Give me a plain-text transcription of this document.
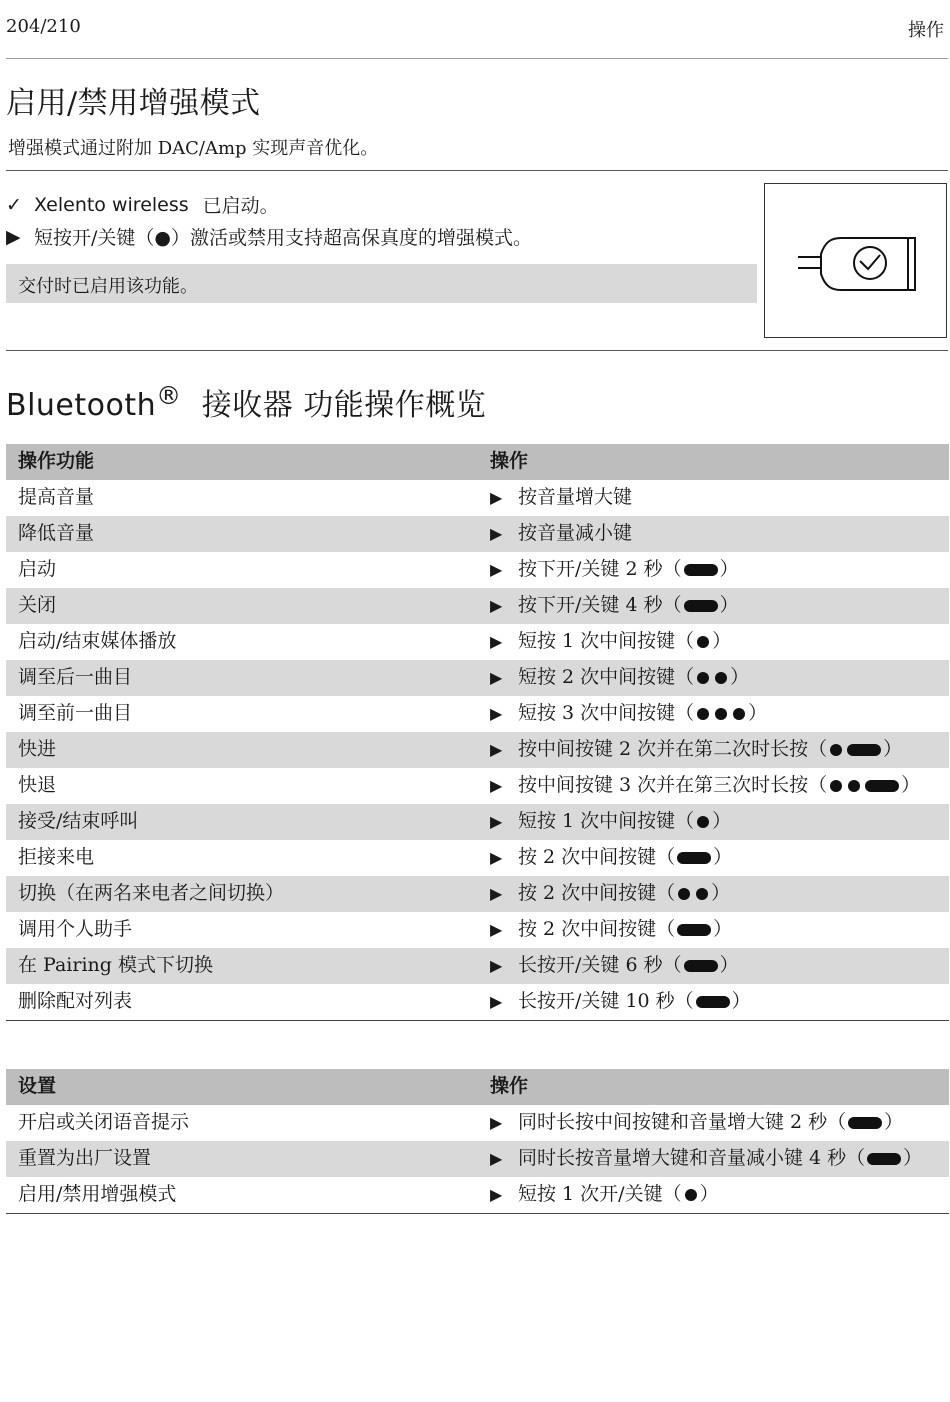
204/210	操作
启用/禁用增强模式
增强模式通过附加 DAC/Amp 实现声音优化。
✓ Xelento wireless 已启动。
▶ 短按开/关键（●）激活或禁用支持超高保真度的增强模式。
交付时已启用该功能。
Bluetooth® 接收器 功能操作概览
操作功能	操作
提高音量	▶ 按音量增大键
降低音量	▶ 按音量减小键
启动	▶ 按下开/关键 2 秒（ ）
关闭	▶ 按下开/关键 4 秒（ ）
启动/结束媒体播放	▶ 短按 1 次中间按键（ ）
调至后一曲目	▶ 短按 2 次中间按键（ ）
调至前一曲目	▶ 短按 3 次中间按键（ ）
快进	▶ 按中间按键 2 次并在第二次时长按（ ）
快退	▶ 按中间按键 3 次并在第三次时长按（ ）
接受/结束呼叫	▶ 短按 1 次中间按键（ ）
拒接来电	▶ 按 2 次中间按键（ ）
切换（在两名来电者之间切换）	▶ 按 2 次中间按键（ ）
调用个人助手	▶ 按 2 次中间按键（ ）
在 Pairing 模式下切换	▶ 长按开/关键 6 秒（ ）
删除配对列表	▶ 长按开/关键 10 秒（ ）
设置	操作
开启或关闭语音提示	▶ 同时长按中间按键和音量增大键 2 秒（ ）
重置为出厂设置	▶ 同时长按音量增大键和音量减小键 4 秒（ ）
启用/禁用增强模式	▶ 短按 1 次开/关键（ ）
